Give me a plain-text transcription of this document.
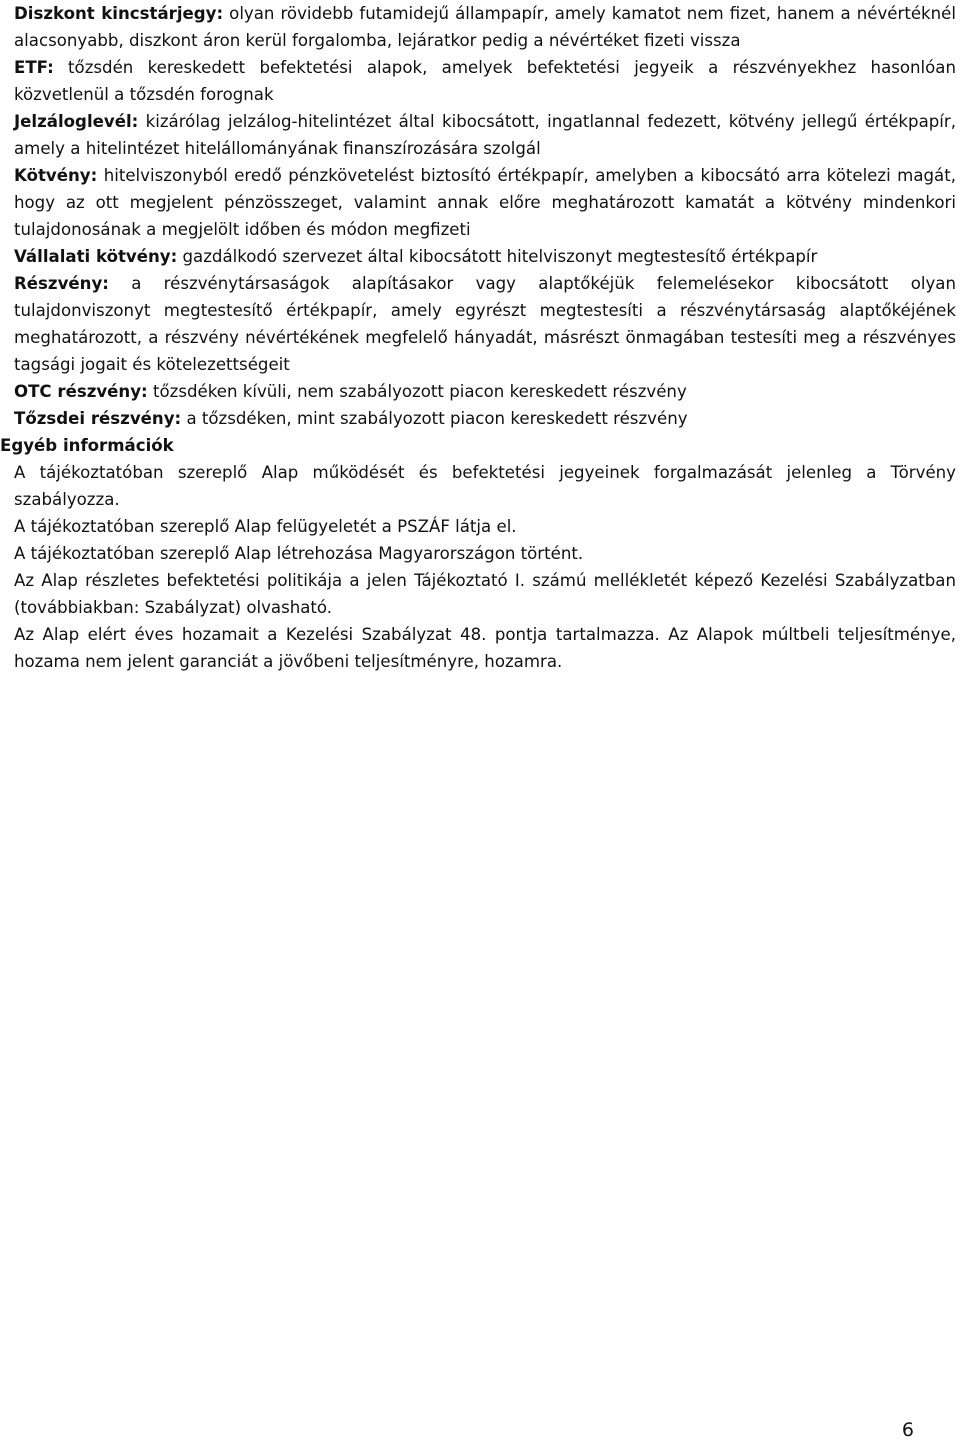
Diszkont kincstárjegy: olyan rövidebb futamidejű állampapír, amely kamatot nem fizet, hanem a névértéknél alacsonyabb, diszkont áron kerül forgalomba, lejáratkor pedig a névértéket fizeti vissza

ETF: tőzsdén kereskedett befektetési alapok, amelyek befektetési jegyeik a részvényekhez hasonlóan közvetlenül a tőzsdén forognak

Jelzáloglevél: kizárólag jelzálog-hitelintézet által kibocsátott, ingatlannal fedezett, kötvény jellegű értékpapír, amely a hitelintézet hitelállományának finanszírozására szolgál

Kötvény: hitelviszonyból eredő pénzkövetelést biztosító értékpapír, amelyben a kibocsátó arra kötelezi magát, hogy az ott megjelent pénzösszeget, valamint annak előre meghatározott kamatát a kötvény mindenkori tulajdonosának a megjelölt időben és módon megfizeti

Vállalati kötvény: gazdálkodó szervezet által kibocsátott hitelviszonyt megtestesítő értékpapír

Részvény: a részvénytársaságok alapításakor vagy alaptőkéjük felemelésekor kibocsátott olyan tulajdonviszonyt megtestesítő értékpapír, amely egyrészt megtestesíti a részvénytársaság alaptőkéjének meghatározott, a részvény névértékének megfelelő hányadát, másrészt önmagában testesíti meg a részvényes tagsági jogait és kötelezettségeit

OTC részvény: tőzsdéken kívüli, nem szabályozott piacon kereskedett részvény

Tőzsdei részvény: a tőzsdéken, mint szabályozott piacon kereskedett részvény

Egyéb információk

A tájékoztatóban szereplő Alap működését és befektetési jegyeinek forgalmazását jelenleg a Törvény szabályozza.

A tájékoztatóban szereplő Alap felügyeletét a PSZÁF látja el.

A tájékoztatóban szereplő Alap létrehozása Magyarországon történt.

Az Alap részletes befektetési politikája a jelen Tájékoztató I. számú mellékletét képező Kezelési Szabályzatban (továbbiakban: Szabályzat) olvasható.

Az Alap elért éves hozamait a Kezelési Szabályzat 48. pontja tartalmazza. Az Alapok múltbeli teljesítménye, hozama nem jelent garanciát a jövőbeni teljesítményre, hozamra.

6
